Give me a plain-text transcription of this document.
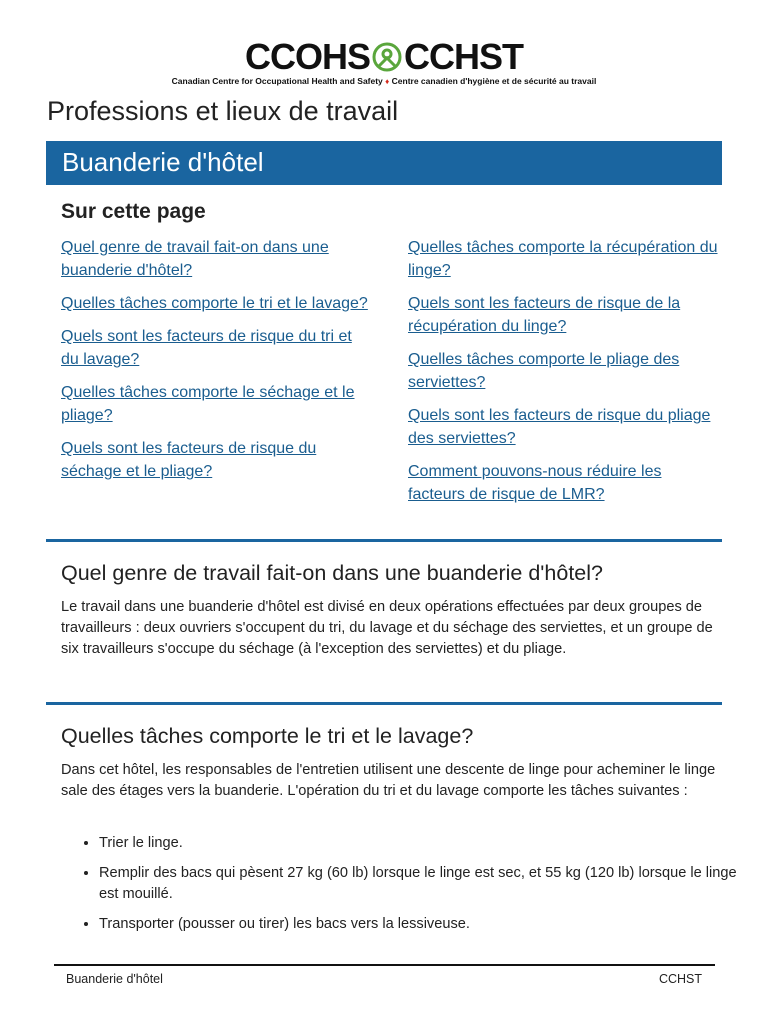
CCOHS CCHST
Canadian Centre for Occupational Health and Safety ♦ Centre canadien d'hygiène et de sécurité au travail
Professions et lieux de travail
Buanderie d'hôtel
Sur cette page
Quel genre de travail fait-on dans une buanderie d'hôtel?
Quelles tâches comporte le tri et le lavage?
Quels sont les facteurs de risque du tri et du lavage?
Quelles tâches comporte le séchage et le pliage?
Quels sont les facteurs de risque du séchage et le pliage?
Quelles tâches comporte la récupération du linge?
Quels sont les facteurs de risque de la récupération du linge?
Quelles tâches comporte le pliage des serviettes?
Quels sont les facteurs de risque du pliage des serviettes?
Comment pouvons-nous réduire les facteurs de risque de LMR?
Quel genre de travail fait-on dans une buanderie d'hôtel?

Le travail dans une buanderie d'hôtel est divisé en deux opérations effectuées par deux groupes de travailleurs : deux ouvriers s'occupent du tri, du lavage et du séchage des serviettes, et un groupe de six travailleurs s'occupe du séchage (à l'exception des serviettes) et du pliage.

Quelles tâches comporte le tri et le lavage?

Dans cet hôtel, les responsables de l'entretien utilisent une descente de linge pour acheminer le linge sale des étages vers la buanderie. L'opération du tri et du lavage comporte les tâches suivantes :

• Trier le linge.
• Remplir des bacs qui pèsent 27 kg (60 lb) lorsque le linge est sec, et 55 kg (120 lb) lorsque le linge est mouillé.
• Transporter (pousser ou tirer) les bacs vers la lessiveuse.
Buanderie d'hôtel	CCHST
